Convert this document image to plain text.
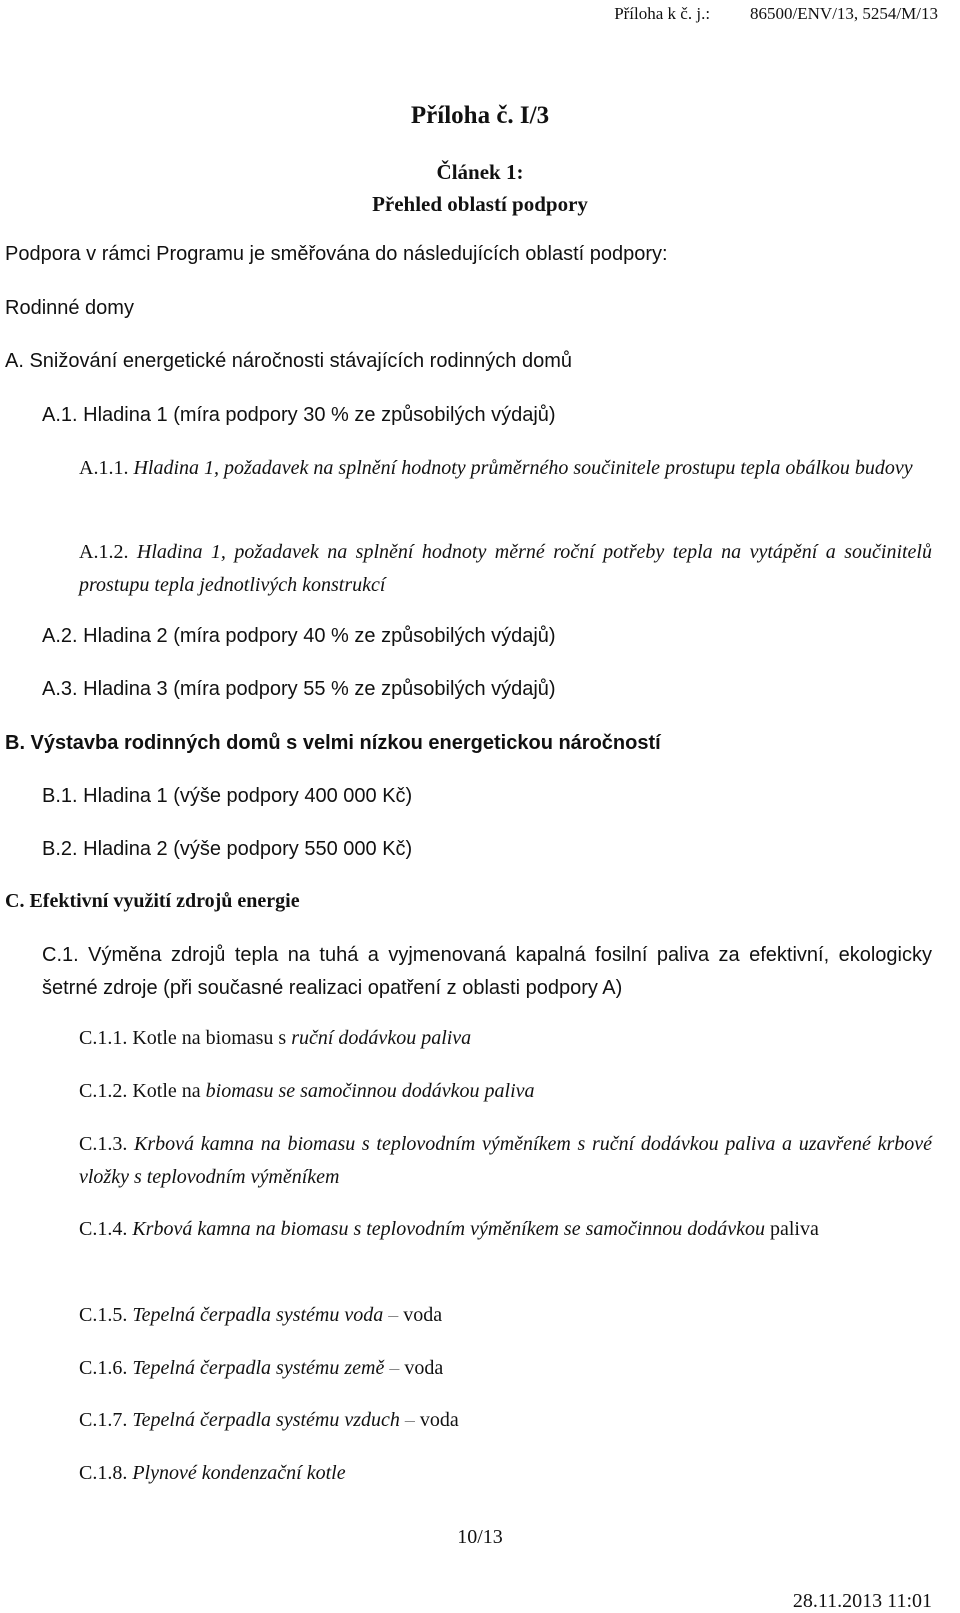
Příloha k č. j.: 86500/ENV/13, 5254/M/13
Příloha č. I/3
Článek 1:
Přehled oblastí podpory
Podpora v rámci Programu je směřována do následujících oblastí podpory:
Rodinné domy
A. Snižování energetické náročnosti stávajících rodinných domů
A.1. Hladina 1 (míra podpory 30 % ze způsobilých výdajů)
A.1.1. Hladina 1, požadavek na splnění hodnoty průměrného součinitele prostupu tepla obálkou budovy
A.1.2. Hladina 1, požadavek na splnění hodnoty měrné roční potřeby tepla na vytápění a součinitelů prostupu tepla jednotlivých konstrukcí
A.2. Hladina 2 (míra podpory 40 % ze způsobilých výdajů)
A.3. Hladina 3 (míra podpory 55 % ze způsobilých výdajů)
B. Výstavba rodinných domů s velmi nízkou energetickou náročností
B.1. Hladina 1 (výše podpory 400 000 Kč)
B.2. Hladina 2 (výše podpory 550 000 Kč)
C. Efektivní využití zdrojů energie
C.1. Výměna zdrojů tepla na tuhá a vyjmenovaná kapalná fosilní paliva za efektivní, ekologicky šetrné zdroje (při současné realizaci opatření z oblasti podpory A)
C.1.1. Kotle na biomasu s ruční dodávkou paliva
C.1.2. Kotle na biomasu se samočinnou dodávkou paliva
C.1.3. Krbová kamna na biomasu s teplovodním výměníkem s ruční dodávkou paliva a uzavřené krbové vložky s teplovodním výměníkem
C.1.4. Krbová kamna na biomasu s teplovodním výměníkem se samočinnou dodávkou paliva
C.1.5. Tepelná čerpadla systému voda – voda
C.1.6. Tepelná čerpadla systému země – voda
C.1.7. Tepelná čerpadla systému vzduch – voda
C.1.8. Plynové kondenzační kotle
10/13
28.11.2013 11:01
